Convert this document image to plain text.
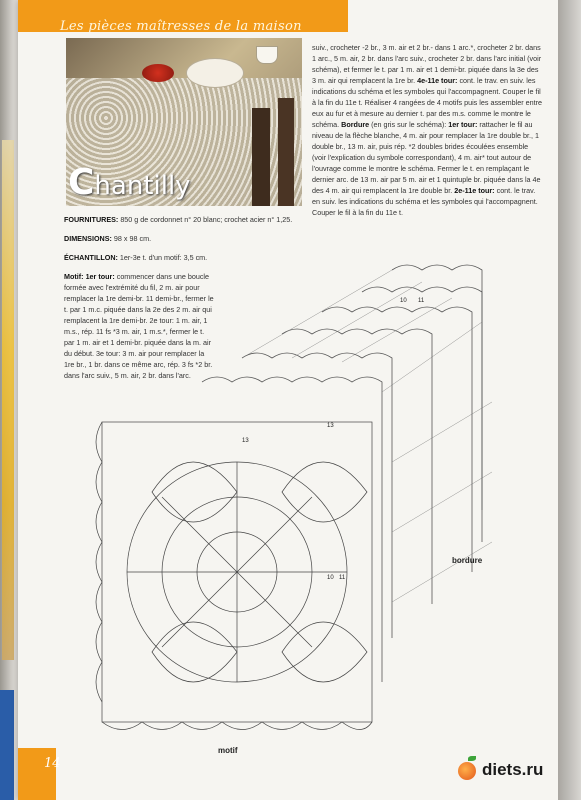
Les pièces maîtresses de la maison
Chantilly

FOURNITURES: 850 g de cordonnet n° 20 blanc; crochet acier n° 1,25.

DIMENSIONS: 98 x 98 cm.

ÉCHANTILLON: 1er-3e t. d'un motif: 3,5 cm.

Motif: 1er tour: commencer dans une boucle formée avec l'extrémité du fil, 2 m. air pour remplacer la 1re demi-br. 11 demi-br., fermer le t. par 1 m.c. piquée dans la 2e des 2 m. air qui remplacent la 1re demi-br. 2e tour: 1 m. air, 1 m.s., rép. 11 fs *3 m. air, 1 m.s.*, fermer le t. par 1 m. air et 1 demi-br. piquée dans la m. air du début. 3e tour: 3 m. air pour remplacer la 1re br., 1 br. dans ce même arc, rép. 3 fs *2 br. dans l'arc suiv., 5 m. air, 2 br. dans l'arc.

suiv., crocheter -2 br., 3 m. air et 2 br.- dans 1 arc.*, crocheter 2 br. dans 1 arc., 5 m. air, 2 br. dans l'arc suiv., crocheter 2 br. dans l'arc initial (voir schéma), et fermer le t. par 1 m. air et 1 demi-br. piquée dans la 3e des 3 m. air qui remplacent la 1re br. 4e-11e tour: cont. le trav. en suiv. les indications du schéma et les symboles qui l'accompagnent. Couper le fil à la fin du 11e t. Réaliser 4 rangées de 4 motifs puis les assembler entre eux au fur et à mesure au dernier t. par des m.s. comme le montre le schéma. Bordure (en gris sur le schéma): 1er tour: rattacher le fil au niveau de la flèche blanche, 4 m. air pour remplacer la 1re double br., 1 double br., 13 m. air, puis rép. *2 doubles brides écoulées ensemble (voir l'explication du symbole correspondant), 4 m. air* tout autour de l'ouvrage comme le montre le schéma. Fermer le t. en remplaçant le dernier arc. de 13 m. air par 5 m. air et 1 quintuple br. piquée dans la 4e des 4 m. air qui remplacent la 1re double br. 2e-11e tour: cont. le trav. en suiv. les indications du schéma et les symboles qui l'accompagnent. Couper le fil à la fin du 11e t.
10 11
13
13
10 11
bordure
motif
14	diets.ru
